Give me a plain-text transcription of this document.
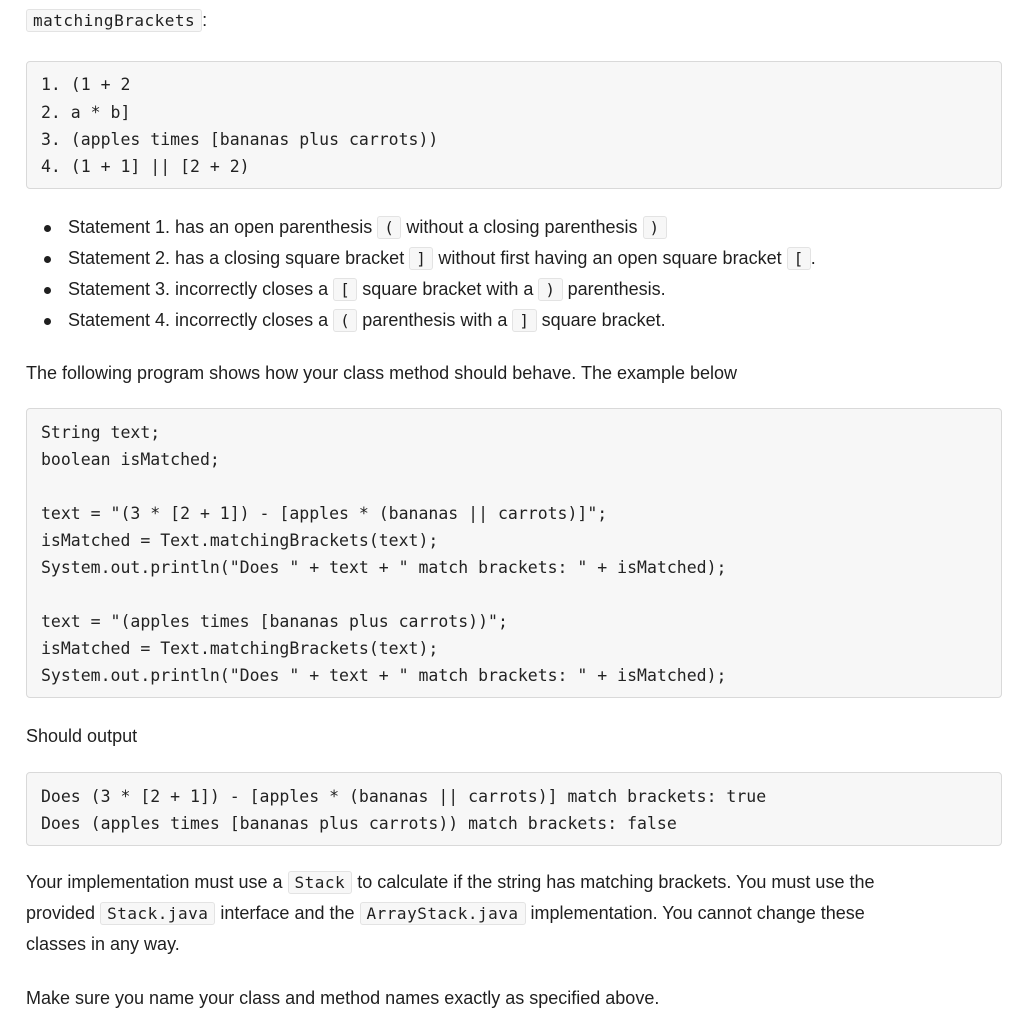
matchingBrackets :
1. (1 + 2
2. a * b]
3. (apples times [bananas plus carrots))
4. (1 + 1] || [2 + 2)
Statement 1. has an open parenthesis ( without a closing parenthesis )
Statement 2. has a closing square bracket ] without first having an open square bracket [ .
Statement 3. incorrectly closes a [ square bracket with a ) parenthesis.
Statement 4. incorrectly closes a ( parenthesis with a ] square bracket.
The following program shows how your class method should behave. The example below
String text;
boolean isMatched;
text = "(3 * [2 + 1]) - [apples * (bananas || carrots)]";
isMatched = Text.matchingBrackets(text);
System.out.println("Does " + text + " match brackets: " + isMatched);
text = "(apples times [bananas plus carrots))";
isMatched = Text.matchingBrackets(text);
System.out.println("Does " + text + " match brackets: " + isMatched);
Should output
Does (3 * [2 + 1]) - [apples * (bananas || carrots)] match brackets: true
Does (apples times [bananas plus carrots)) match brackets: false
Your implementation must use a Stack to calculate if the string has matching brackets. You must use the
provided Stack.java interface and the ArrayStack.java implementation. You cannot change these
classes in any way.
Make sure you name your class and method names exactly as specified above.
